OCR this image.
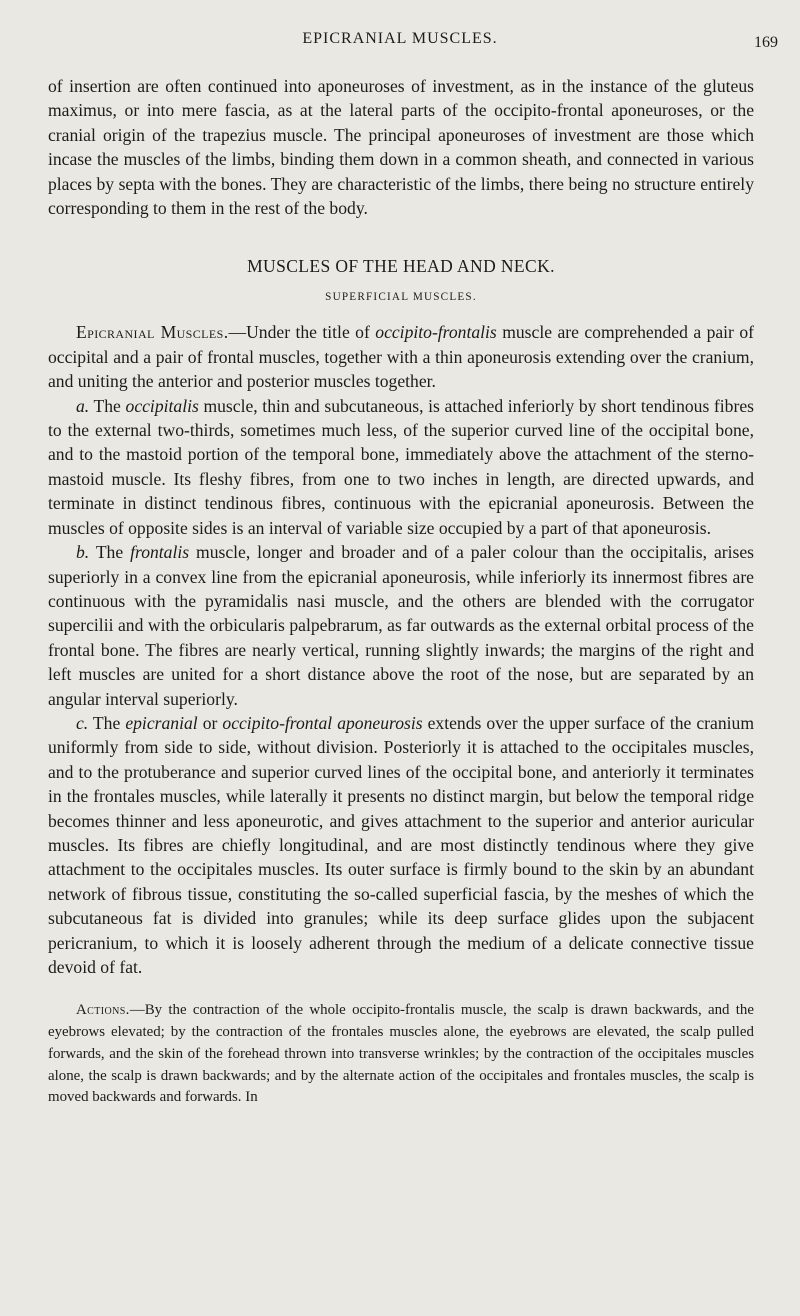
EPICRANIAL MUSCLES.	169

of insertion are often continued into aponeuroses of investment, as in the instance of the gluteus maximus, or into mere fascia, as at the lateral parts of the occipito-frontal aponeuroses, or the cranial origin of the trapezius muscle. The principal aponeuroses of investment are those which incase the muscles of the limbs, binding them down in a common sheath, and connected in various places by septa with the bones. They are characteristic of the limbs, there being no structure entirely corresponding to them in the rest of the body.

MUSCLES OF THE HEAD AND NECK.
SUPERFICIAL MUSCLES.

Epicranial Muscles.—Under the title of occipito-frontalis muscle are comprehended a pair of occipital and a pair of frontal muscles, together with a thin aponeurosis extending over the cranium, and uniting the anterior and posterior muscles together.

a. The occipitalis muscle, thin and subcutaneous, is attached inferiorly by short tendinous fibres to the external two-thirds, sometimes much less, of the superior curved line of the occipital bone, and to the mastoid portion of the temporal bone, immediately above the attachment of the sterno-mastoid muscle. Its fleshy fibres, from one to two inches in length, are directed upwards, and terminate in distinct tendinous fibres, continuous with the epicranial aponeurosis. Between the muscles of opposite sides is an interval of variable size occupied by a part of that aponeurosis.

b. The frontalis muscle, longer and broader and of a paler colour than the occipitalis, arises superiorly in a convex line from the epicranial aponeurosis, while inferiorly its innermost fibres are continuous with the pyramidalis nasi muscle, and the others are blended with the corrugator supercilii and with the orbicularis palpebrarum, as far outwards as the external orbital process of the frontal bone. The fibres are nearly vertical, running slightly inwards; the margins of the right and left muscles are united for a short distance above the root of the nose, but are separated by an angular interval superiorly.

c. The epicranial or occipito-frontal aponeurosis extends over the upper surface of the cranium uniformly from side to side, without division. Posteriorly it is attached to the occipitales muscles, and to the protuberance and superior curved lines of the occipital bone, and anteriorly it terminates in the frontales muscles, while laterally it presents no distinct margin, but below the temporal ridge becomes thinner and less aponeurotic, and gives attachment to the superior and anterior auricular muscles. Its fibres are chiefly longitudinal, and are most distinctly tendinous where they give attachment to the occipitales muscles. Its outer surface is firmly bound to the skin by an abundant network of fibrous tissue, constituting the so-called superficial fascia, by the meshes of which the subcutaneous fat is divided into granules; while its deep surface glides upon the subjacent pericranium, to which it is loosely adherent through the medium of a delicate connective tissue devoid of fat.

Actions.—By the contraction of the whole occipito-frontalis muscle, the scalp is drawn backwards, and the eyebrows elevated; by the contraction of the frontales muscles alone, the eyebrows are elevated, the scalp pulled forwards, and the skin of the forehead thrown into transverse wrinkles; by the contraction of the occipitales muscles alone, the scalp is drawn backwards; and by the alternate action of the occipitales and frontales muscles, the scalp is moved backwards and forwards. In
